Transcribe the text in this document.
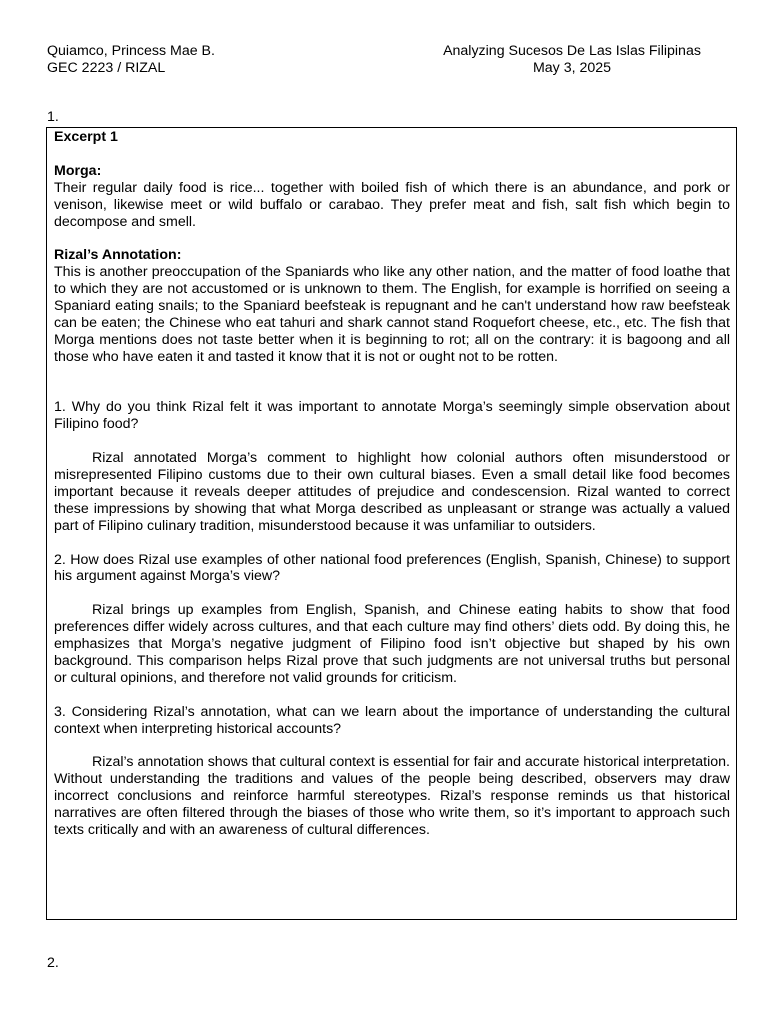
Quiamco, Princess Mae B.
GEC 2223 / RIZAL
Analyzing Sucesos De Las Islas Filipinas
May 3, 2025
1.

Excerpt 1

Morga:

Their regular daily food is rice... together with boiled fish of which there is an abundance, and pork or venison, likewise meet or wild buffalo or carabao. They prefer meat and fish, salt fish which begin to decompose and smell.

Rizal’s Annotation:

This is another preoccupation of the Spaniards who like any other nation, and the matter of food loathe that to which they are not accustomed or is unknown to them. The English, for example is horrified on seeing a Spaniard eating snails; to the Spaniard beefsteak is repugnant and he can't understand how raw beefsteak can be eaten; the Chinese who eat tahuri and shark cannot stand Roquefort cheese, etc., etc. The fish that Morga mentions does not taste better when it is beginning to rot; all on the contrary: it is bagoong and all those who have eaten it and tasted it know that it is not or ought not to be rotten.

1. Why do you think Rizal felt it was important to annotate Morga’s seemingly simple observation about Filipino food?

Rizal annotated Morga’s comment to highlight how colonial authors often misunderstood or misrepresented Filipino customs due to their own cultural biases. Even a small detail like food becomes important because it reveals deeper attitudes of prejudice and condescension. Rizal wanted to correct these impressions by showing that what Morga described as unpleasant or strange was actually a valued part of Filipino culinary tradition, misunderstood because it was unfamiliar to outsiders.

2. How does Rizal use examples of other national food preferences (English, Spanish, Chinese) to support his argument against Morga’s view?

Rizal brings up examples from English, Spanish, and Chinese eating habits to show that food preferences differ widely across cultures, and that each culture may find others’ diets odd. By doing this, he emphasizes that Morga’s negative judgment of Filipino food isn’t objective but shaped by his own background. This comparison helps Rizal prove that such judgments are not universal truths but personal or cultural opinions, and therefore not valid grounds for criticism.

3. Considering Rizal’s annotation, what can we learn about the importance of understanding the cultural context when interpreting historical accounts?

Rizal’s annotation shows that cultural context is essential for fair and accurate historical interpretation. Without understanding the traditions and values of the people being described, observers may draw incorrect conclusions and reinforce harmful stereotypes. Rizal’s response reminds us that historical narratives are often filtered through the biases of those who write them, so it’s important to approach such texts critically and with an awareness of cultural differences.

2.
